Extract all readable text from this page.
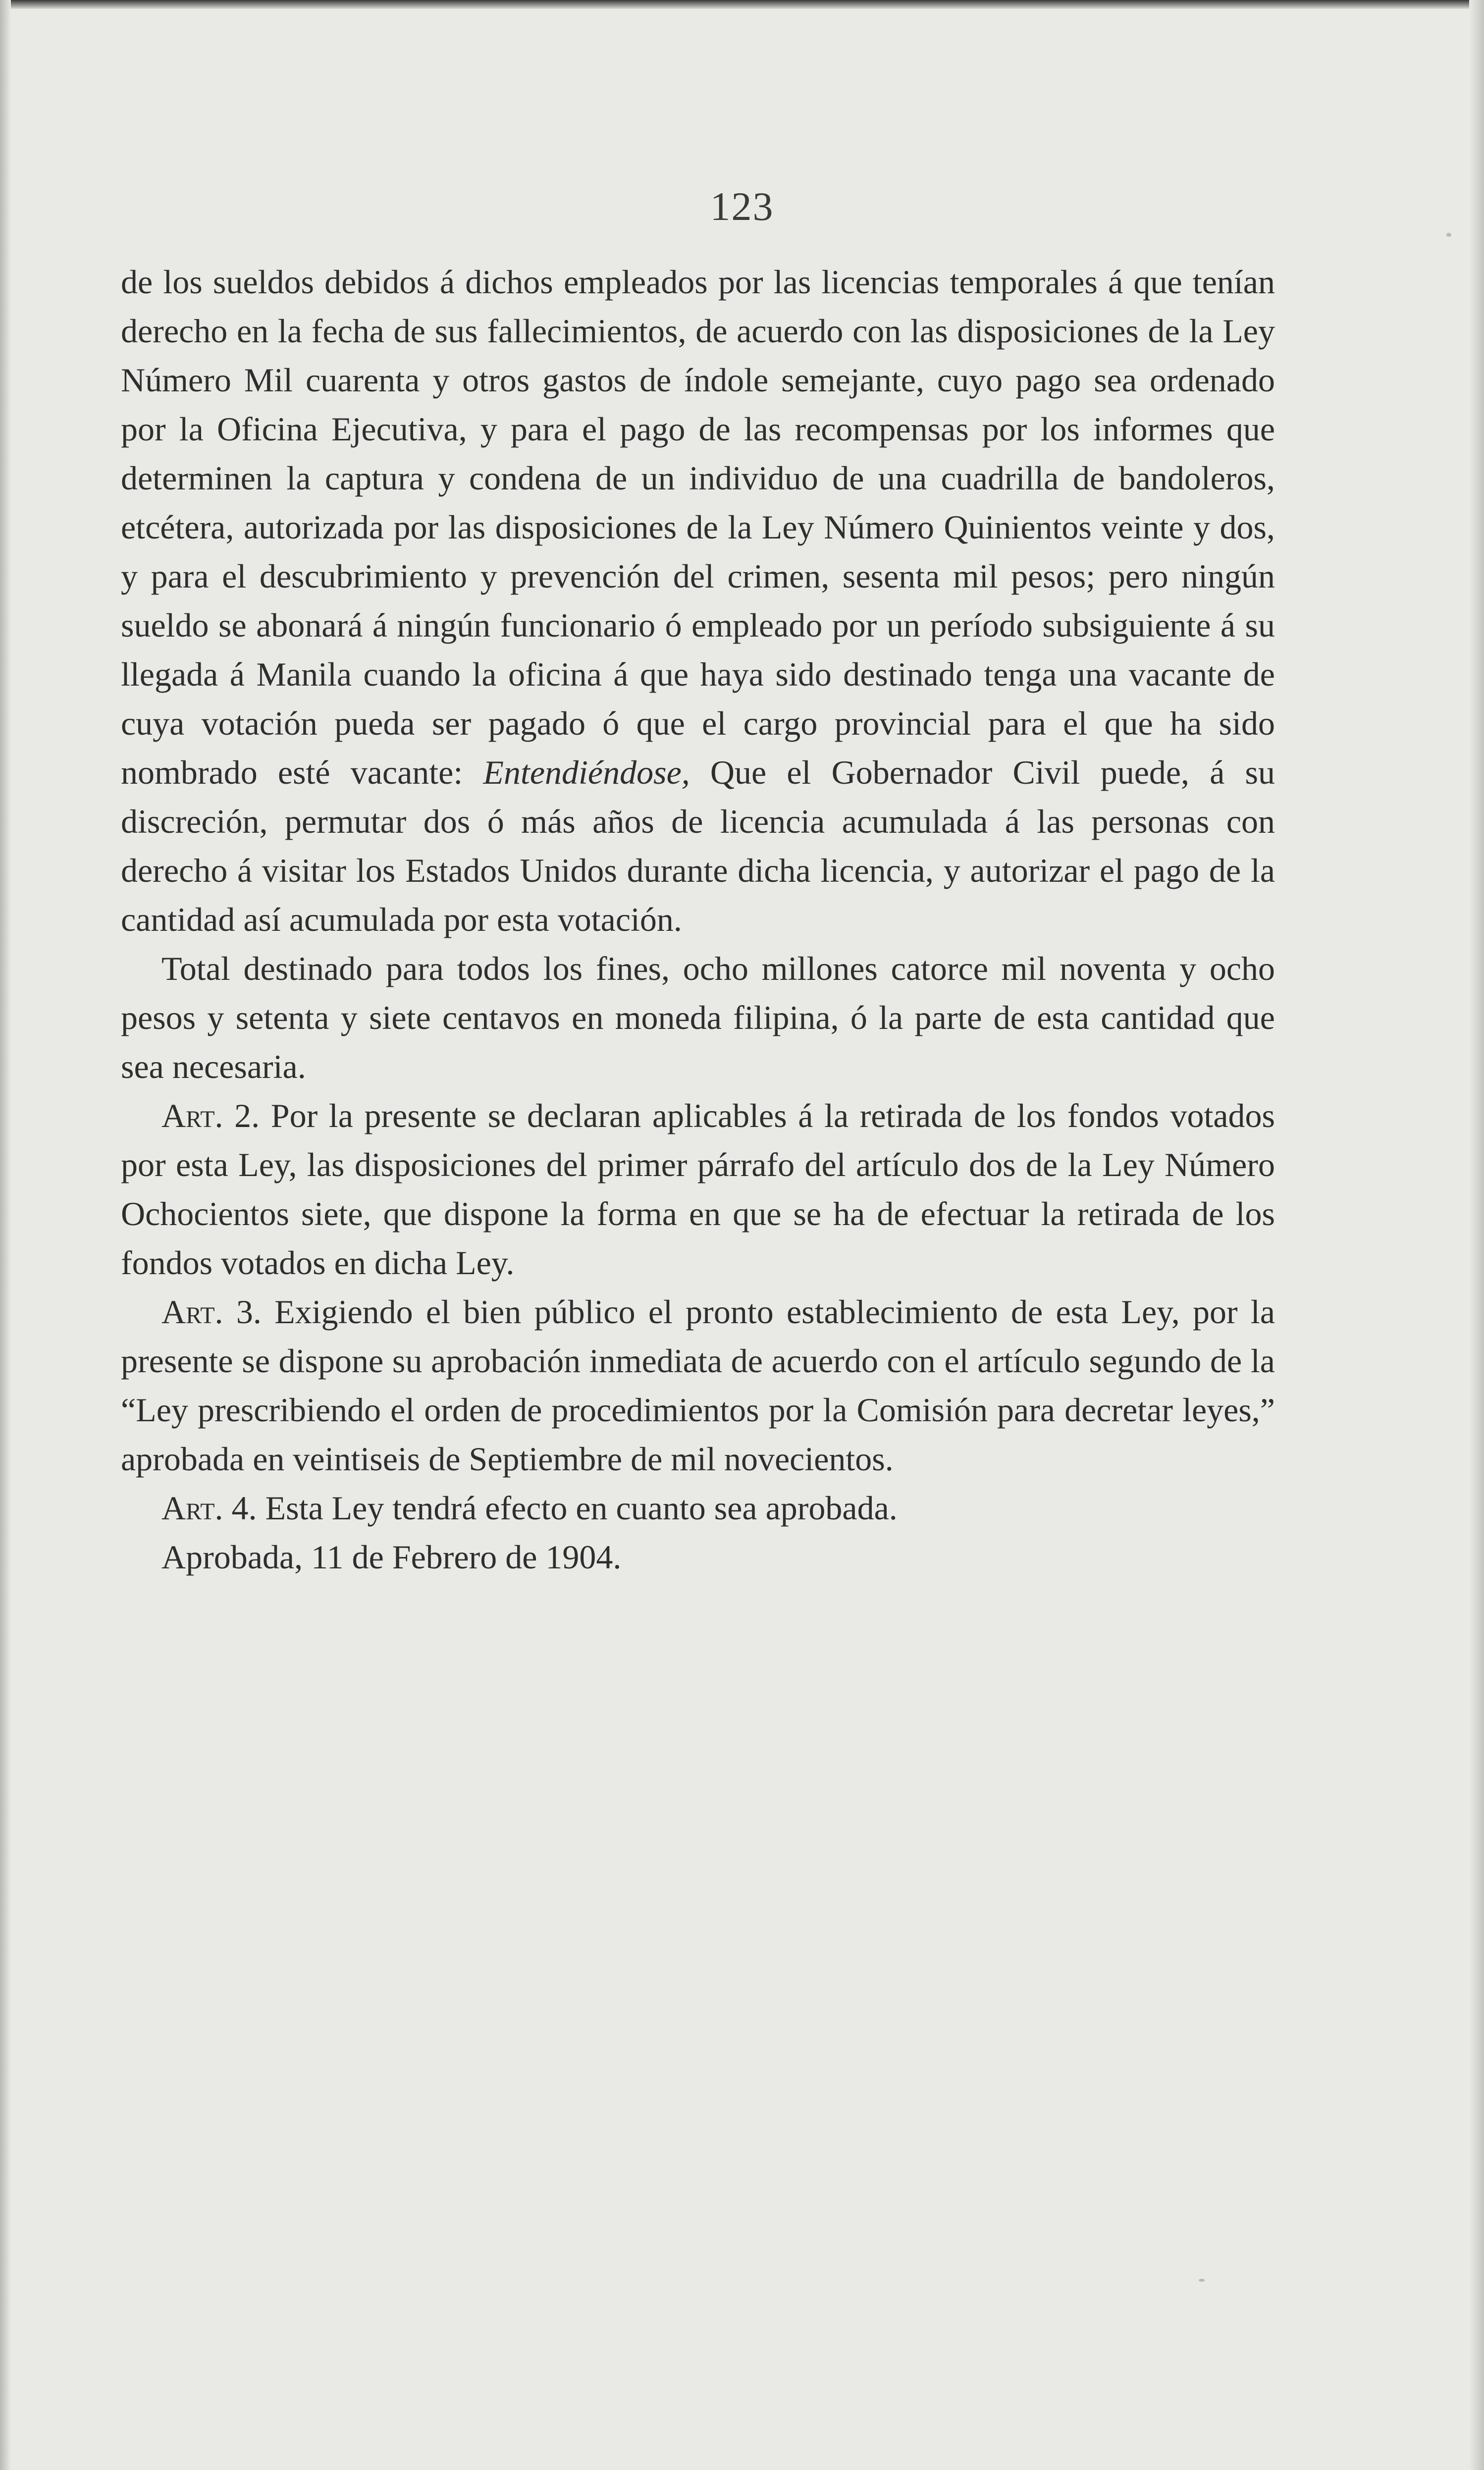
123

de los sueldos debidos á dichos empleados por las licencias temporales á que tenían derecho en la fecha de sus fallecimientos, de acuerdo con las disposiciones de la Ley Número Mil cuarenta y otros gastos de índole semejante, cuyo pago sea ordenado por la Oficina Ejecutiva, y para el pago de las recompensas por los informes que determinen la captura y condena de un individuo de una cuadrilla de bandoleros, etcétera, autorizada por las disposiciones de la Ley Número Quinientos veinte y dos, y para el descubrimiento y prevención del crimen, sesenta mil pesos; pero ningún sueldo se abonará á ningún funcionario ó empleado por un período subsiguiente á su llegada á Manila cuando la oficina á que haya sido destinado tenga una vacante de cuya votación pueda ser pagado ó que el cargo provincial para el que ha sido nombrado esté vacante: Entendiéndose, Que el Gobernador Civil puede, á su discreción, permutar dos ó más años de licencia acumulada á las personas con derecho á visitar los Estados Unidos durante dicha licencia, y autorizar el pago de la cantidad así acumulada por esta votación.

Total destinado para todos los fines, ocho millones catorce mil noventa y ocho pesos y setenta y siete centavos en moneda filipina, ó la parte de esta cantidad que sea necesaria.

Art. 2. Por la presente se declaran aplicables á la retirada de los fondos votados por esta Ley, las disposiciones del primer párrafo del artículo dos de la Ley Número Ochocientos siete, que dispone la forma en que se ha de efectuar la retirada de los fondos votados en dicha Ley.

Art. 3. Exigiendo el bien público el pronto establecimiento de esta Ley, por la presente se dispone su aprobación inmediata de acuerdo con el artículo segundo de la “Ley prescribiendo el orden de procedimientos por la Comisión para decretar leyes,” aprobada en veintiseis de Septiembre de mil novecientos.

Art. 4. Esta Ley tendrá efecto en cuanto sea aprobada.

Aprobada, 11 de Febrero de 1904.
